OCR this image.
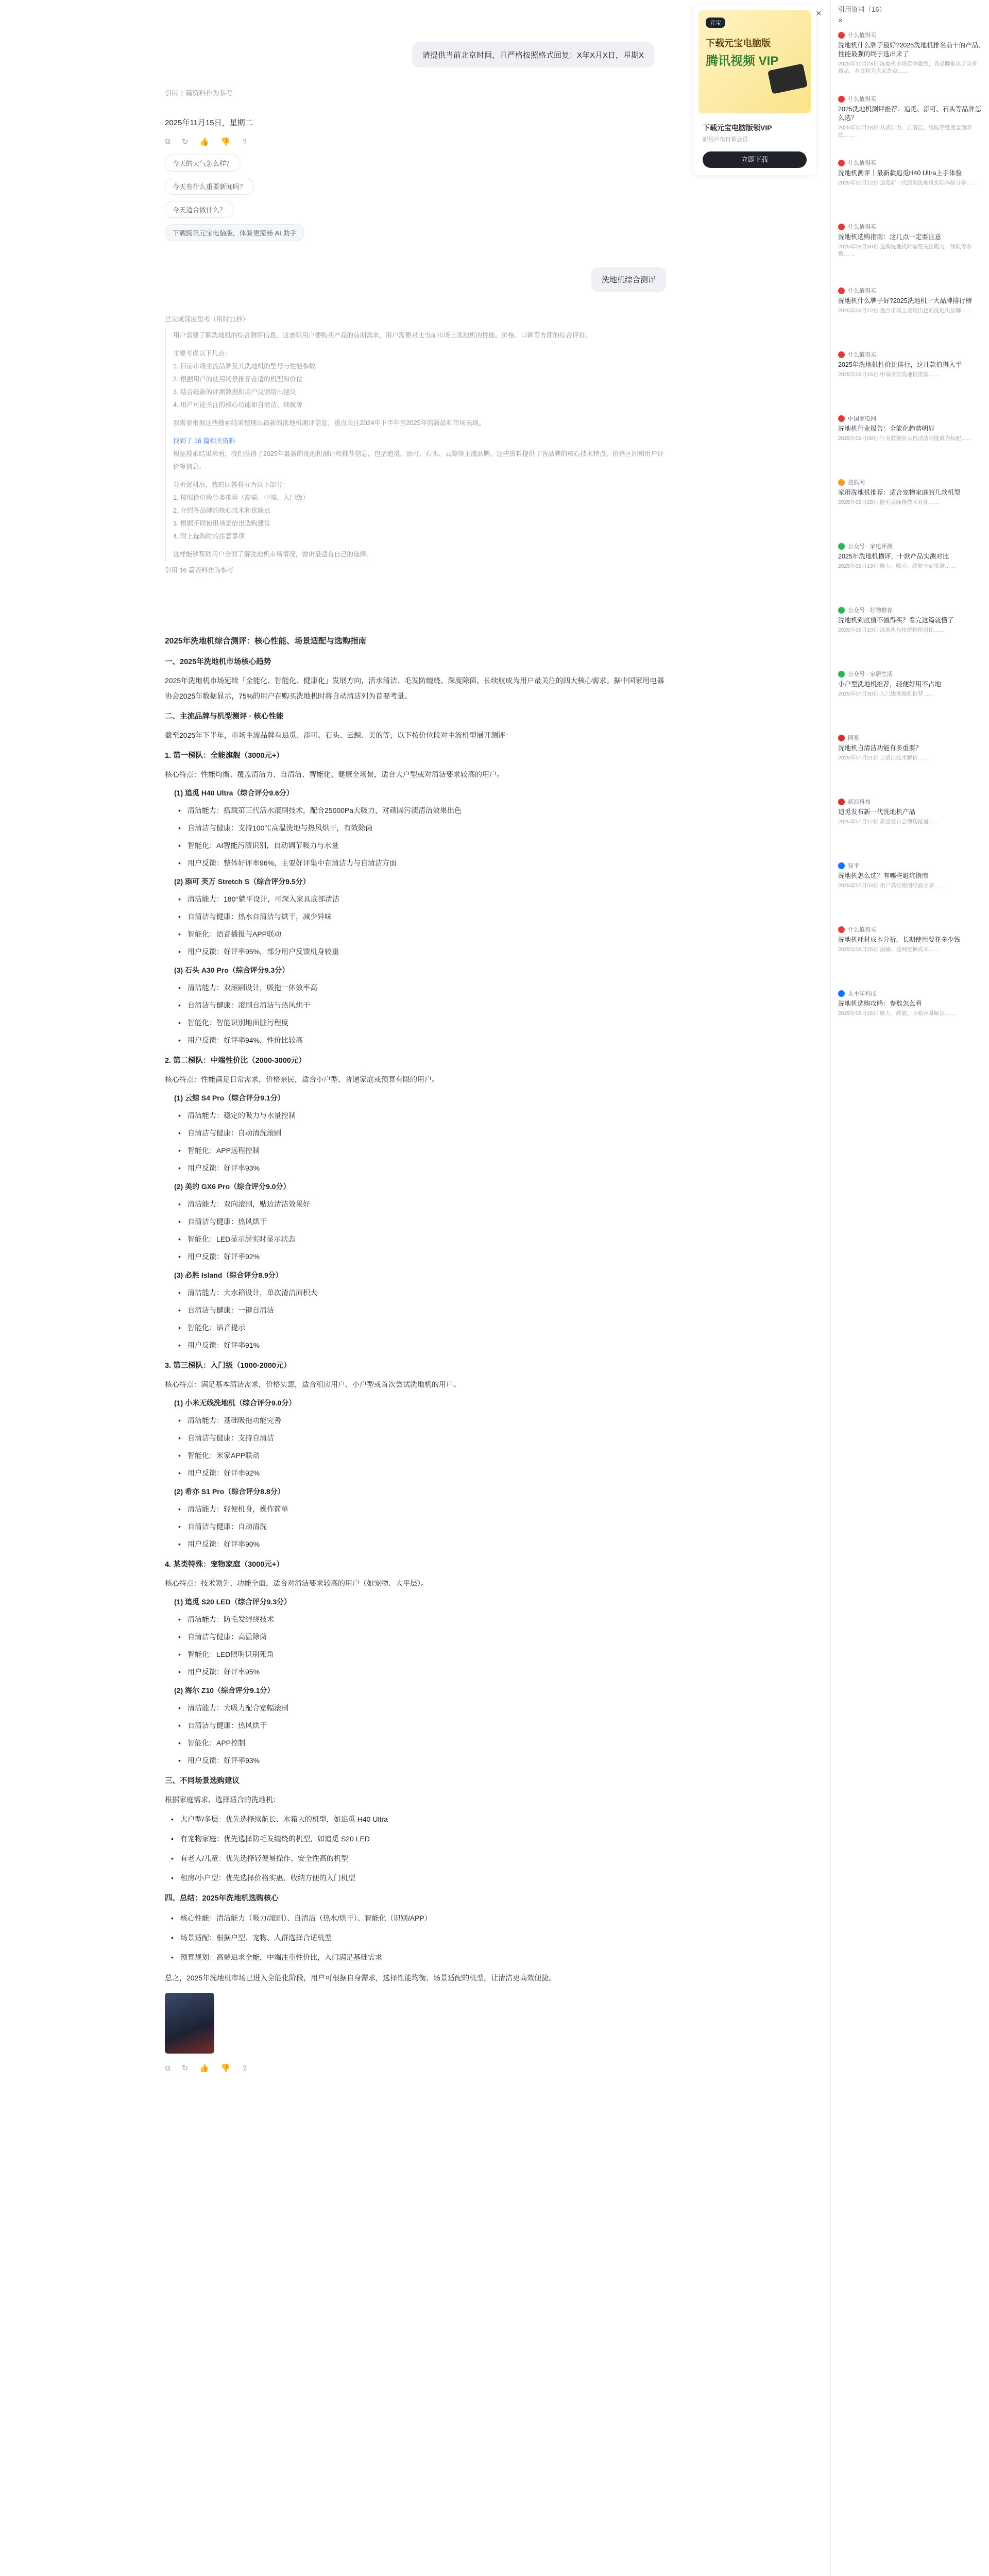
×
元宝
下载元宝电脑版
腾讯视频 VIP
下载元宝电脑版领VIP
新用户每日领会员
立即下载
请提供当前北京时间，且严格按照格式回复：X年X月X日，星期X
引用 1 篇资料作为参考
2025年11月15日，星期二
⧉ ↻ 👍 👎 ⇪
今天的天气怎么样？
今天有什么重要新闻吗？
今天适合做什么？
下载腾讯元宝电脑版，体验更流畅 AI 助手
洗地机综合测评
已完成深度思考（用时11秒）

用户需要了解洗地机的综合测评信息，这表明用户要购买产品的前期需求，用户需要对比当前市场上洗地机的性能、价格、口碑等方面的综合评价。

主要考虑以下几点：

1. 目前市场主流品牌及其洗地机的型号与性能参数

2. 根据用户的使用场景推荐合适的机型和价位

3. 结合最新的评测数据和用户反馈给出建议

4. 用户可能关注的核心功能如自清洁、续航等

我需要根据这些搜索结果整理出最新的洗地机测评信息，重点关注2024年下半年至2025年的新品和市场表现。

找到了 16 篇相关资料

根据搜索结果来看，我们获得了2025年最新的洗地机测评和推荐信息，包括追觅、添可、石头、云鲸等主流品牌。这些资料提供了各品牌的核心技术特点、价格区间和用户评价等信息。

分析资料后，我的回答将分为以下部分：

1. 按照价位段分类推荐（高端、中端、入门级）

2. 介绍各品牌的核心技术和优缺点

3. 根据不同使用场景给出选购建议

4. 附上选购时的注意事项

这样能够帮助用户全面了解洗地机市场情况，做出最适合自己的选择。

引用 16 篇资料作为参考
2025年洗地机综合测评：核心性能、场景适配与选购指南
一、2025年洗地机市场核心趋势

2025年洗地机市场延续「全能化、智能化、健康化」发展方向，活水清洁、毛发防缠绕、深度除菌、长续航成为用户最关注的四大核心需求。据中国家用电器协会2025年数据显示，75%的用户在购买洗地机时将自动清洁列为首要考量。

二、主流品牌与机型测评 · 核心性能

截至2025年下半年，市场主流品牌有追觅、添可、石头、云鲸、美的等，以下按价位段对主流机型展开测评：

1. 第一梯队：全能旗舰（3000元+）

核心特点：性能均衡、覆盖清洁力、自清洁、智能化、健康全场景，适合大户型或对清洁要求较高的用户。

(1) 追觅 H40 Ultra（综合评分9.6分）
• 清洁能力：搭载第三代活水滚刷技术，配合25000Pa大吸力，对顽固污渍清洁效果出色
• 自清洁与健康：支持100℃高温洗地与热风烘干，有效除菌
• 智能化：AI智能污渍识别，自动调节吸力与水量
• 用户反馈：整体好评率96%，主要好评集中在清洁力与自清洁方面
(2) 添可 芙万 Stretch S（综合评分9.5分）
• 清洁能力：180°躺平设计，可深入家具底部清洁
• 自清洁与健康：热水自清洁与烘干，减少异味
• 智能化：语音播报与APP联动
• 用户反馈：好评率95%，部分用户反馈机身较重
(3) 石头 A30 Pro（综合评分9.3分）
• 清洁能力：双滚刷设计，吸拖一体效率高
• 自清洁与健康：滚刷自清洁与热风烘干
• 智能化：智能识别地面脏污程度
• 用户反馈：好评率94%，性价比较高
2. 第二梯队：中端性价比（2000-3000元）

核心特点：性能满足日常需求，价格亲民，适合小户型、普通家庭或预算有限的用户。

(1) 云鲸 S4 Pro（综合评分9.1分）
• 清洁能力：稳定的吸力与水量控制
• 自清洁与健康：自动清洗滚刷
• 智能化：APP远程控制
• 用户反馈：好评率93%
(2) 美的 GX6 Pro（综合评分9.0分）
• 清洁能力：双向滚刷，贴边清洁效果好
• 自清洁与健康：热风烘干
• 智能化：LED显示屏实时显示状态
• 用户反馈：好评率92%
(3) 必胜 Island（综合评分8.9分）
• 清洁能力：大水箱设计，单次清洁面积大
• 自清洁与健康：一键自清洁
• 智能化：语音提示
• 用户反馈：好评率91%
3. 第三梯队：入门级（1000-2000元）

核心特点：满足基本清洁需求，价格实惠，适合租房用户、小户型或首次尝试洗地机的用户。

(1) 小米无线洗地机（综合评分9.0分）
• 清洁能力：基础吸拖功能完善
• 自清洁与健康：支持自清洁
• 智能化：米家APP联动
• 用户反馈：好评率92%
(2) 希亦 S1 Pro（综合评分8.8分）
• 清洁能力：轻便机身，操作简单
• 自清洁与健康：自动清洗
• 用户反馈：好评率90%
4. 某类特殊：宠物家庭（3000元+）

核心特点：技术领先、功能全面，适合对清洁要求较高的用户（如宠物、大平层）。

(1) 追觅 S20 LED（综合评分9.3分）
• 清洁能力：防毛发缠绕技术
• 自清洁与健康：高温除菌
• 智能化：LED照明识别死角
• 用户反馈：好评率95%
(2) 海尔 Z10（综合评分9.1分）
• 清洁能力：大吸力配合宽幅滚刷
• 自清洁与健康：热风烘干
• 智能化：APP控制
• 用户反馈：好评率93%
三、不同场景选购建议

根据家庭需求，选择适合的洗地机：

• 大户型/多层：优先选择续航长、水箱大的机型，如追觅 H40 Ultra
• 有宠物家庭：优先选择防毛发缠绕的机型，如追觅 S20 LED
• 有老人/儿童：优先选择轻便易操作、安全性高的机型
• 租房/小户型：优先选择价格实惠、收纳方便的入门机型
四、总结：2025年洗地机选购核心
• 核心性能：清洁能力（吸力/滚刷）、自清洁（热水/烘干）、智能化（识别/APP）
• 场景适配：根据户型、宠物、人群选择合适机型
• 预算规划：高端追求全能，中端注重性价比，入门满足基础需求

总之，2025年洗地机市场已进入全能化阶段，用户可根据自身需求，选择性能均衡、场景适配的机型，让清洁更高效便捷。

⧉ ↻ 👍 👎 ⇪
引用资料（16）
×
什么值得买
洗地机什么牌子最好?2025洗地机排名前十的产品,性能最强的终于选出来了
2025年10月23日 洗地机市场竞争激烈，各品牌推出了众多新品，本文将为大家盘点……
什么值得买
2025洗地机测评推荐：追觅、添可、石头等品牌怎么选？
2025年10月18日 从清洁力、自清洁、续航等维度全面对比……
什么值得买
洗地机测评｜最新款追觅H40 Ultra上手体验
2025年10月12日 追觅新一代旗舰洗地机实际体验分享……
什么值得买
洗地机选购指南：这几点一定要注意
2025年09月30日 选购洗地机时需要关注吸力、续航等参数……
什么值得买
洗地机什么牌子好?2025洗地机十大品牌排行榜
2025年09月22日 盘点市场上表现出色的洗地机品牌……
什么值得买
2025年洗地机性价比排行，这几款值得入手
2025年09月15日 中端价位洗地机推荐……
中国家电网
洗地机行业报告：全能化趋势明显
2025年09月08日 行业数据显示自清洁功能成为标配……
搜狐网
家用洗地机推荐：适合宠物家庭的几款机型
2025年08月28日 防毛发缠绕技术对比……
公众号 · 家电评测
2025年洗地机横评，十款产品实测对比
2025年08月19日 吸力、噪音、续航全面实测……
公众号 · 好物推荐
洗地机到底值不值得买？看完这篇就懂了
2025年08月10日 洗地机与传统拖把对比……
公众号 · 家居生活
小户型洗地机推荐，轻便好用不占地
2025年07月30日 入门级洗地机推荐……
网易
洗地机自清洁功能有多重要？
2025年07月21日 自清洁技术解析……
新浪科技
追觅发布新一代洗地机产品
2025年07月12日 新品发布会现场报道……
知乎
洗地机怎么选？有哪些避坑指南
2025年07月03日 用户真实使用经验分享……
什么值得买
洗地机耗材成本分析，长期使用要花多少钱
2025年06月25日 滚刷、滤网更换成本……
太平洋科技
洗地机选购攻略：参数怎么看
2025年06月16日 吸力、续航、水箱容量解读……
